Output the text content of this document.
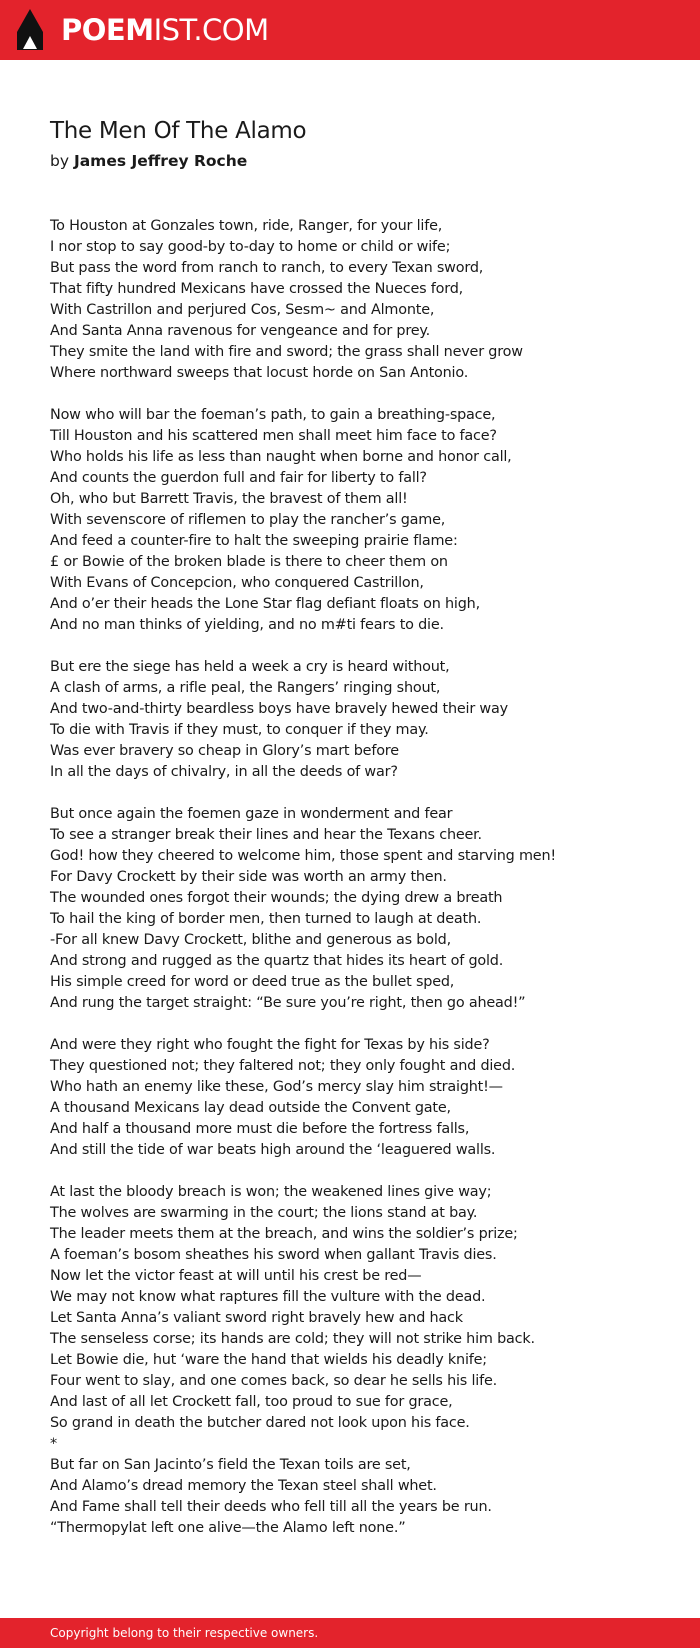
POEMIST.COM
The Men Of The Alamo
by James Jeffrey Roche
To Houston at Gonzales town, ride, Ranger, for your life,
I nor stop to say good-by to-day to home or child or wife;
But pass the word from ranch to ranch, to every Texan sword,
That fifty hundred Mexicans have crossed the Nueces ford,
With Castrillon and perjured Cos, Sesm~ and Almonte,
And Santa Anna ravenous for vengeance and for prey.
They smite the land with fire and sword; the grass shall never grow
Where northward sweeps that locust horde on San Antonio.
Now who will bar the foeman’s path, to gain a breathing-space,
Till Houston and his scattered men shall meet him face to face?
Who holds his life as less than naught when borne and honor call,
And counts the guerdon full and fair for liberty to fall?
Oh, who but Barrett Travis, the bravest of them all!
With sevenscore of riflemen to play the rancher’s game,
And feed a counter-fire to halt the sweeping prairie flame:
£ or Bowie of the broken blade is there to cheer them on
With Evans of Concepcion, who conquered Castrillon,
And o’er their heads the Lone Star flag defiant floats on high,
And no man thinks of yielding, and no m#ti fears to die.
But ere the siege has held a week a cry is heard without,
A clash of arms, a rifle peal, the Rangers’ ringing shout,
And two-and-thirty beardless boys have bravely hewed their way
To die with Travis if they must, to conquer if they may.
Was ever bravery so cheap in Glory’s mart before
In all the days of chivalry, in all the deeds of war?
But once again the foemen gaze in wonderment and fear
To see a stranger break their lines and hear the Texans cheer.
God! how they cheered to welcome him, those spent and starving men!
For Davy Crockett by their side was worth an army then.
The wounded ones forgot their wounds; the dying drew a breath
To hail the king of border men, then turned to laugh at death.
-For all knew Davy Crockett, blithe and generous as bold,
And strong and rugged as the quartz that hides its heart of gold.
His simple creed for word or deed true as the bullet sped,
And rung the target straight: “Be sure you’re right, then go ahead!”
And were they right who fought the fight for Texas by his side?
They questioned not; they faltered not; they only fought and died.
Who hath an enemy like these, God’s mercy slay him straight!—
A thousand Mexicans lay dead outside the Convent gate,
And half a thousand more must die before the fortress falls,
And still the tide of war beats high around the ‘leaguered walls.
At last the bloody breach is won; the weakened lines give way;
The wolves are swarming in the court; the lions stand at bay.
The leader meets them at the breach, and wins the soldier’s prize;
A foeman’s bosom sheathes his sword when gallant Travis dies.
Now let the victor feast at will until his crest be red—
We may not know what raptures fill the vulture with the dead.
Let Santa Anna’s valiant sword right bravely hew and hack
The senseless corse; its hands are cold; they will not strike him back.
Let Bowie die, hut ‘ware the hand that wields his deadly knife;
Four went to slay, and one comes back, so dear he sells his life.
And last of all let Crockett fall, too proud to sue for grace,
So grand in death the butcher dared not look upon his face.
*
But far on San Jacinto’s field the Texan toils are set,
And Alamo’s dread memory the Texan steel shall whet.
And Fame shall tell their deeds who fell till all the years be run.
“Thermopylat left one alive—the Alamo left none.”
Copyright belong to their respective owners.
